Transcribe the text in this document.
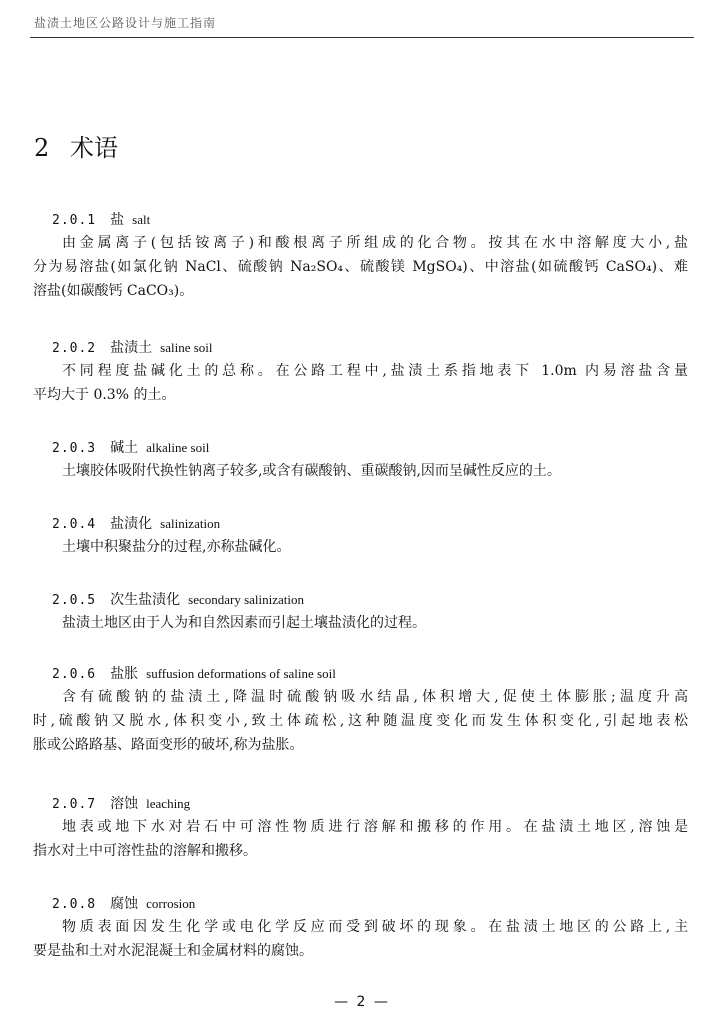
盐渍土地区公路设计与施工指南
2 术语
2.0.1 盐 salt
由金属离子(包括铵离子)和酸根离子所组成的化合物。按其在水中溶解度大小,盐
分为易溶盐(如氯化钠 NaCl、硫酸钠 Na₂SO₄、硫酸镁 MgSO₄)、中溶盐(如硫酸钙 CaSO₄)、难
溶盐(如碳酸钙 CaCO₃)。
2.0.2 盐渍土 saline soil
不同程度盐碱化土的总称。在公路工程中,盐渍土系指地表下 1.0m 内易溶盐含量
平均大于 0.3% 的土。
2.0.3 碱土 alkaline soil
土壤胶体吸附代换性钠离子较多,或含有碳酸钠、重碳酸钠,因而呈碱性反应的土。
2.0.4 盐渍化 salinization
土壤中积聚盐分的过程,亦称盐碱化。
2.0.5 次生盐渍化 secondary salinization
盐渍土地区由于人为和自然因素而引起土壤盐渍化的过程。
2.0.6 盐胀 suffusion deformations of saline soil
含有硫酸钠的盐渍土,降温时硫酸钠吸水结晶,体积增大,促使土体膨胀;温度升高
时,硫酸钠又脱水,体积变小,致土体疏松,这种随温度变化而发生体积变化,引起地表松
胀或公路路基、路面变形的破坏,称为盐胀。
2.0.7 溶蚀 leaching
地表或地下水对岩石中可溶性物质进行溶解和搬移的作用。在盐渍土地区,溶蚀是
指水对土中可溶性盐的溶解和搬移。
2.0.8 腐蚀 corrosion
物质表面因发生化学或电化学反应而受到破坏的现象。在盐渍土地区的公路上,主
要是盐和土对水泥混凝土和金属材料的腐蚀。
— 2 —
